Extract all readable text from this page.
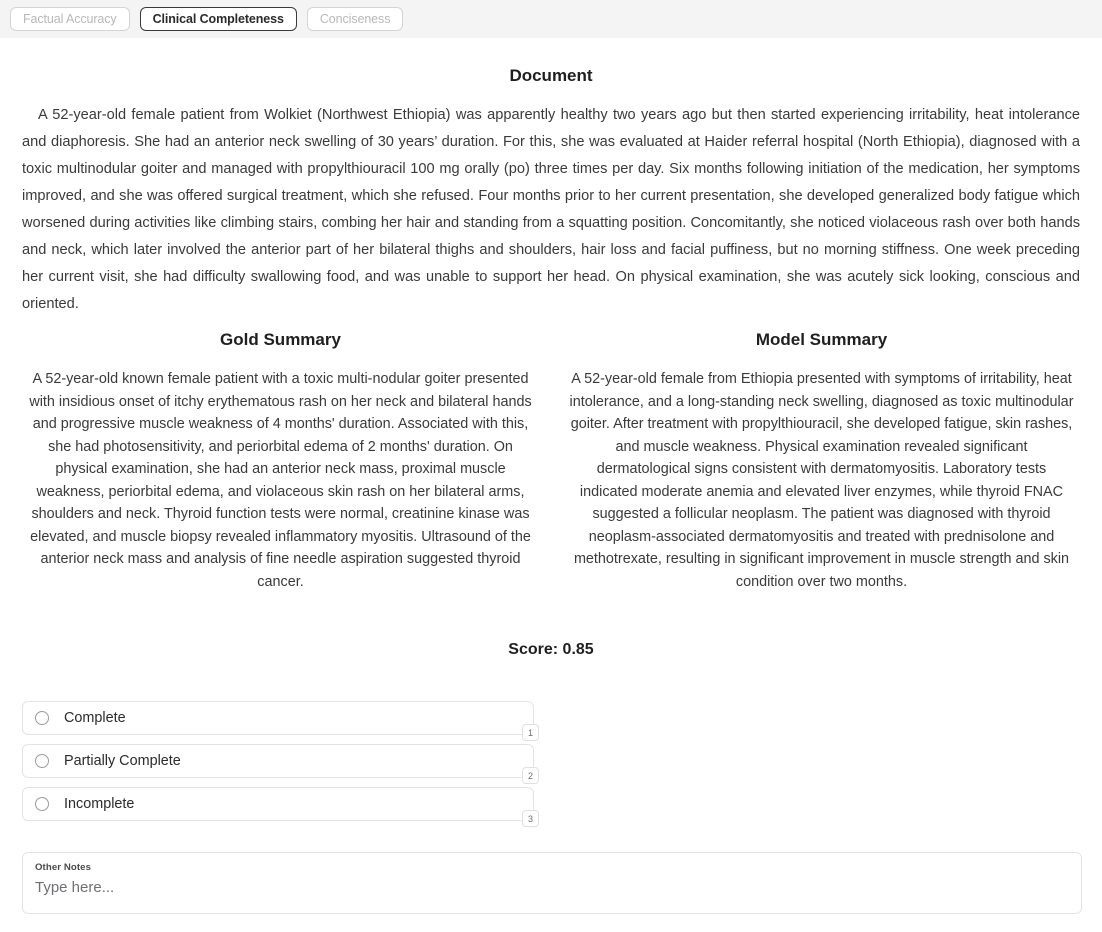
Factual Accuracy	Clinical Completeness	Conciseness
Document

A 52-year-old female patient from Wolkiet (Northwest Ethiopia) was apparently healthy two years ago but then started experiencing irritability, heat intolerance and diaphoresis. She had an anterior neck swelling of 30 years’ duration. For this, she was evaluated at Haider referral hospital (North Ethiopia), diagnosed with a toxic multinodular goiter and managed with propylthiouracil 100 mg orally (po) three times per day. Six months following initiation of the medication, her symptoms improved, and she was offered surgical treatment, which she refused. Four months prior to her current presentation, she developed generalized body fatigue which worsened during activities like climbing stairs, combing her hair and standing from a squatting position. Concomitantly, she noticed violaceous rash over both hands and neck, which later involved the anterior part of her bilateral thighs and shoulders, hair loss and facial puffiness, but no morning stiffness. One week preceding her current visit, she had difficulty swallowing food, and was unable to support her head. On physical examination, she was acutely sick looking, conscious and oriented.

Gold Summary

A 52-year-old known female patient with a toxic multi-nodular goiter presented with insidious onset of itchy erythematous rash on her neck and bilateral hands and progressive muscle weakness of 4 months' duration. Associated with this, she had photosensitivity, and periorbital edema of 2 months' duration. On physical examination, she had an anterior neck mass, proximal muscle weakness, periorbital edema, and violaceous skin rash on her bilateral arms, shoulders and neck. Thyroid function tests were normal, creatinine kinase was elevated, and muscle biopsy revealed inflammatory myositis. Ultrasound of the anterior neck mass and analysis of fine needle aspiration suggested thyroid cancer.

Model Summary

A 52-year-old female from Ethiopia presented with symptoms of irritability, heat intolerance, and a long-standing neck swelling, diagnosed as toxic multinodular goiter. After treatment with propylthiouracil, she developed fatigue, skin rashes, and muscle weakness. Physical examination revealed significant dermatological signs consistent with dermatomyositis. Laboratory tests indicated moderate anemia and elevated liver enzymes, while thyroid FNAC suggested a follicular neoplasm. The patient was diagnosed with thyroid neoplasm-associated dermatomyositis and treated with prednisolone and methotrexate, resulting in significant improvement in muscle strength and skin condition over two months.

Score: 0.85
Complete
1
Partially Complete
2
Incomplete
3
Other Notes
Type here...
